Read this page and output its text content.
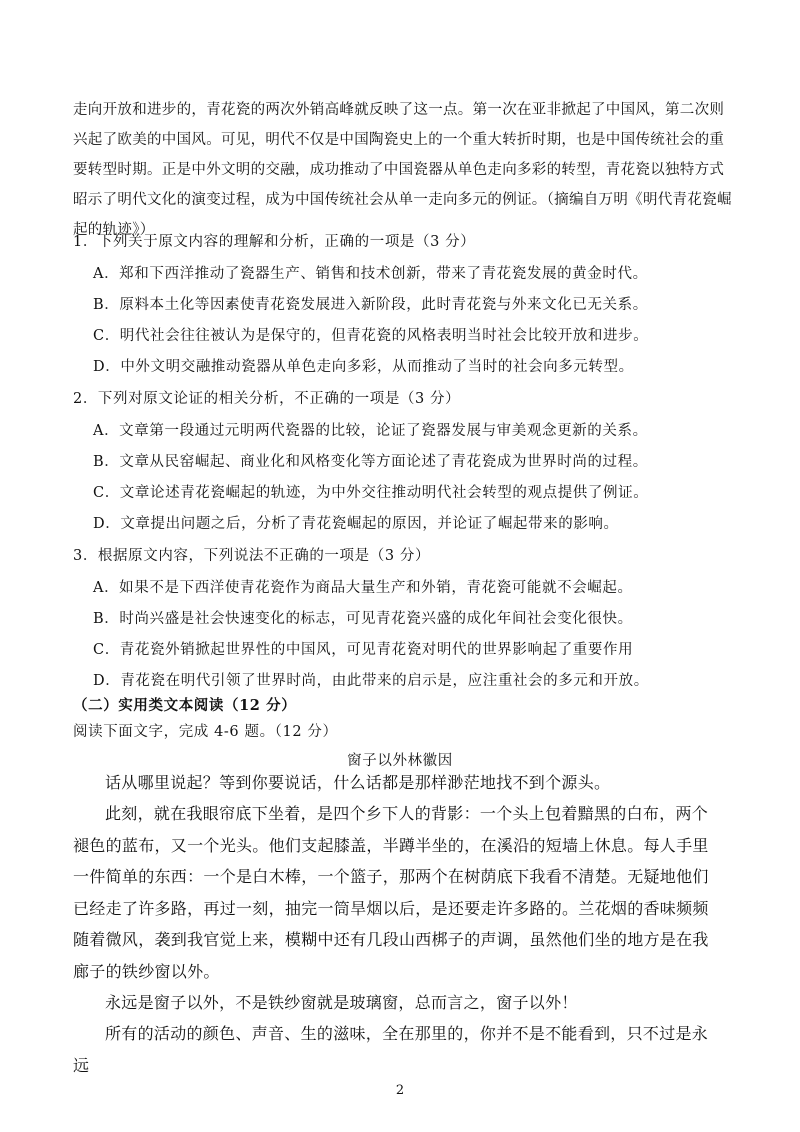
走向开放和进步的，青花瓷的两次外销高峰就反映了这一点。第一次在亚非掀起了中国风，第二次则兴起了欧美的中国风。可见，明代不仅是中国陶瓷史上的一个重大转折时期，也是中国传统社会的重要转型时期。正是中外文明的交融，成功推动了中国瓷器从单色走向多彩的转型，青花瓷以独特方式昭示了明代文化的演变过程，成为中国传统社会从单一走向多元的例证。（摘编自万明《明代青花瓷崛起的轨迹》）
1．下列关于原文内容的理解和分析，正确的一项是（3 分）
A．郑和下西洋推动了瓷器生产、销售和技术创新，带来了青花瓷发展的黄金时代。
B．原料本土化等因素使青花瓷发展进入新阶段，此时青花瓷与外来文化已无关系。
C．明代社会往往被认为是保守的，但青花瓷的风格表明当时社会比较开放和进步。
D．中外文明交融推动瓷器从单色走向多彩，从而推动了当时的社会向多元转型。
2．下列对原文论证的相关分析，不正确的一项是（3 分）
A．文章第一段通过元明两代瓷器的比较，论证了瓷器发展与审美观念更新的关系。
B．文章从民窑崛起、商业化和风格变化等方面论述了青花瓷成为世界时尚的过程。
C．文章论述青花瓷崛起的轨迹，为中外交往推动明代社会转型的观点提供了例证。
D．文章提出问题之后，分析了青花瓷崛起的原因，并论证了崛起带来的影响。
3．根据原文内容，下列说法不正确的一项是（3 分）
A．如果不是下西洋使青花瓷作为商品大量生产和外销，青花瓷可能就不会崛起。
B．时尚兴盛是社会快速变化的标志，可见青花瓷兴盛的成化年间社会变化很快。
C．青花瓷外销掀起世界性的中国风，可见青花瓷对明代的世界影响起了重要作用
D．青花瓷在明代引领了世界时尚，由此带来的启示是，应注重社会的多元和开放。
（二）实用类文本阅读（12 分）
阅读下面文字，完成 4-6 题。（12 分）
窗子以外林徽因
话从哪里说起？等到你要说话，什么话都是那样渺茫地找不到个源头。
此刻，就在我眼帘底下坐着，是四个乡下人的背影：一个头上包着黯黑的白布，两个褪色的蓝布，又一个光头。他们支起膝盖，半蹲半坐的，在溪沿的短墙上休息。每人手里一件简单的东西：一个是白木棒，一个篮子，那两个在树荫底下我看不清楚。无疑地他们已经走了许多路，再过一刻，抽完一筒旱烟以后，是还要走许多路的。兰花烟的香味频频随着微风，袭到我官觉上来，模糊中还有几段山西梆子的声调，虽然他们坐的地方是在我廊子的铁纱窗以外。
永远是窗子以外，不是铁纱窗就是玻璃窗，总而言之，窗子以外！
所有的活动的颜色、声音、生的滋味，全在那里的，你并不是不能看到，只不过是永远
2
